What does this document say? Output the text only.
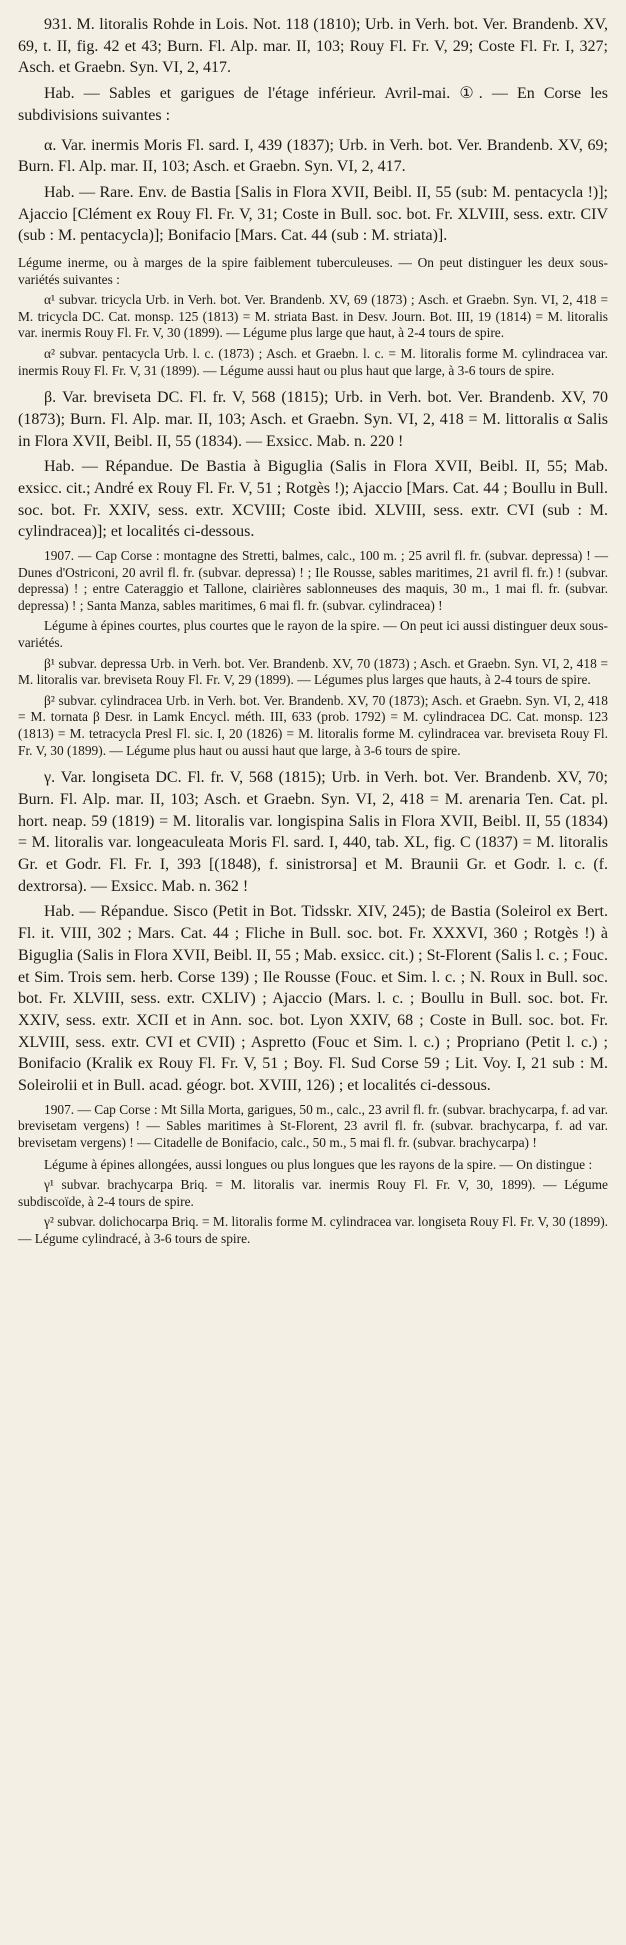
931. M. litoralis Rohde in Lois. Not. 118 (1810); Urb. in Verh. bot. Ver. Brandenb. XV, 69, t. II, fig. 42 et 43; Burn. Fl. Alp. mar. II, 103; Rouy Fl. Fr. V, 29; Coste Fl. Fr. I, 327; Asch. et Graebn. Syn. VI, 2, 417.

Hab. — Sables et garigues de l'étage inférieur. Avril-mai. ①. — En Corse les subdivisions suivantes :

α. Var. inermis Moris Fl. sard. I, 439 (1837); Urb. in Verh. bot. Ver. Brandenb. XV, 69; Burn. Fl. Alp. mar. II, 103; Asch. et Graebn. Syn. VI, 2, 417.

Hab. — Rare. Env. de Bastia [Salis in Flora XVII, Beibl. II, 55 (sub: M. pentacycla !)]; Ajaccio [Clément ex Rouy Fl. Fr. V, 31; Coste in Bull. soc. bot. Fr. XLVIII, sess. extr. CIV (sub : M. pentacycla)]; Bonifacio [Mars. Cat. 44 (sub : M. striata)].

Légume inerme, ou à marges de la spire faiblement tuberculeuses. — On peut distinguer les deux sous-variétés suivantes :

α¹ subvar. tricycla Urb. in Verh. bot. Ver. Brandenb. XV, 69 (1873) ; Asch. et Graebn. Syn. VI, 2, 418 = M. tricycla DC. Cat. monsp. 125 (1813) = M. striata Bast. in Desv. Journ. Bot. III, 19 (1814) = M. litoralis var. inermis Rouy Fl. Fr. V, 30 (1899). — Légume plus large que haut, à 2-4 tours de spire.

α² subvar. pentacycla Urb. l. c. (1873) ; Asch. et Graebn. l. c. = M. litoralis forme M. cylindracea var. inermis Rouy Fl. Fr. V, 31 (1899). — Légume aussi haut ou plus haut que large, à 3-6 tours de spire.

β. Var. breviseta DC. Fl. fr. V, 568 (1815); Urb. in Verh. bot. Ver. Brandenb. XV, 70 (1873); Burn. Fl. Alp. mar. II, 103; Asch. et Graebn. Syn. VI, 2, 418 = M. littoralis α Salis in Flora XVII, Beibl. II, 55 (1834). — Exsicc. Mab. n. 220 !

Hab. — Répandue. De Bastia à Biguglia (Salis in Flora XVII, Beibl. II, 55; Mab. exsicc. cit.; André ex Rouy Fl. Fr. V, 51 ; Rotgès !); Ajaccio [Mars. Cat. 44 ; Boullu in Bull. soc. bot. Fr. XXIV, sess. extr. XCVIII; Coste ibid. XLVIII, sess. extr. CVI (sub : M. cylindracea)]; et localités ci-dessous.

1907. — Cap Corse : montagne des Stretti, balmes, calc., 100 m. ; 25 avril fl. fr. (subvar. depressa) ! — Dunes d'Ostriconi, 20 avril fl. fr. (subvar. depressa) ! ; Ile Rousse, sables maritimes, 21 avril fl. fr.) ! (subvar. depressa) ! ; entre Cateraggio et Tallone, clairières sablonneuses des maquis, 30 m., 1 mai fl. fr. (subvar. depressa) ! ; Santa Manza, sables maritimes, 6 mai fl. fr. (subvar. cylindracea) !

Légume à épines courtes, plus courtes que le rayon de la spire. — On peut ici aussi distinguer deux sous-variétés.

β¹ subvar. depressa Urb. in Verh. bot. Ver. Brandenb. XV, 70 (1873) ; Asch. et Graebn. Syn. VI, 2, 418 = M. litoralis var. breviseta Rouy Fl. Fr. V, 29 (1899). — Légumes plus larges que hauts, à 2-4 tours de spire.

β² subvar. cylindracea Urb. in Verh. bot. Ver. Brandenb. XV, 70 (1873); Asch. et Graebn. Syn. VI, 2, 418 = M. tornata β Desr. in Lamk Encycl. méth. III, 633 (prob. 1792) = M. cylindracea DC. Cat. monsp. 123 (1813) = M. tetracycla Presl Fl. sic. I, 20 (1826) = M. litoralis forme M. cylindracea var. breviseta Rouy Fl. Fr. V, 30 (1899). — Légume plus haut ou aussi haut que large, à 3-6 tours de spire.

γ. Var. longiseta DC. Fl. fr. V, 568 (1815); Urb. in Verh. bot. Ver. Brandenb. XV, 70; Burn. Fl. Alp. mar. II, 103; Asch. et Graebn. Syn. VI, 2, 418 = M. arenaria Ten. Cat. pl. hort. neap. 59 (1819) = M. litoralis var. longispina Salis in Flora XVII, Beibl. II, 55 (1834) = M. litoralis var. longeaculeata Moris Fl. sard. I, 440, tab. XL, fig. C (1837) = M. litoralis Gr. et Godr. Fl. Fr. I, 393 [(1848), f. sinistrorsa] et M. Braunii Gr. et Godr. l. c. (f. dextrorsa). — Exsicc. Mab. n. 362 !

Hab. — Répandue. Sisco (Petit in Bot. Tidsskr. XIV, 245); de Bastia (Soleirol ex Bert. Fl. it. VIII, 302 ; Mars. Cat. 44 ; Fliche in Bull. soc. bot. Fr. XXXVI, 360 ; Rotgès !) à Biguglia (Salis in Flora XVII, Beibl. II, 55 ; Mab. exsicc. cit.) ; St-Florent (Salis l. c. ; Fouc. et Sim. Trois sem. herb. Corse 139) ; Ile Rousse (Fouc. et Sim. l. c. ; N. Roux in Bull. soc. bot. Fr. XLVIII, sess. extr. CXLIV) ; Ajaccio (Mars. l. c. ; Boullu in Bull. soc. bot. Fr. XXIV, sess. extr. XCII et in Ann. soc. bot. Lyon XXIV, 68 ; Coste in Bull. soc. bot. Fr. XLVIII, sess. extr. CVI et CVII) ; Aspretto (Fouc et Sim. l. c.) ; Propriano (Petit l. c.) ; Bonifacio (Kralik ex Rouy Fl. Fr. V, 51 ; Boy. Fl. Sud Corse 59 ; Lit. Voy. I, 21 sub : M. Soleirolii et in Bull. acad. géogr. bot. XVIII, 126) ; et localités ci-dessous.

1907. — Cap Corse : Mt Silla Morta, garigues, 50 m., calc., 23 avril fl. fr. (subvar. brachycarpa, f. ad var. brevisetam vergens) ! — Sables maritimes à St-Florent, 23 avril fl. fr. (subvar. brachycarpa, f. ad var. brevisetam vergens) ! — Citadelle de Bonifacio, calc., 50 m., 5 mai fl. fr. (subvar. brachycarpa) !

Légume à épines allongées, aussi longues ou plus longues que les rayons de la spire. — On distingue :

γ¹ subvar. brachycarpa Briq. = M. litoralis var. inermis Rouy Fl. Fr. V, 30, 1899). — Légume subdiscoïde, à 2-4 tours de spire.

γ² subvar. dolichocarpa Briq. = M. litoralis forme M. cylindracea var. longiseta Rouy Fl. Fr. V, 30 (1899). — Légume cylindracé, à 3-6 tours de spire.
